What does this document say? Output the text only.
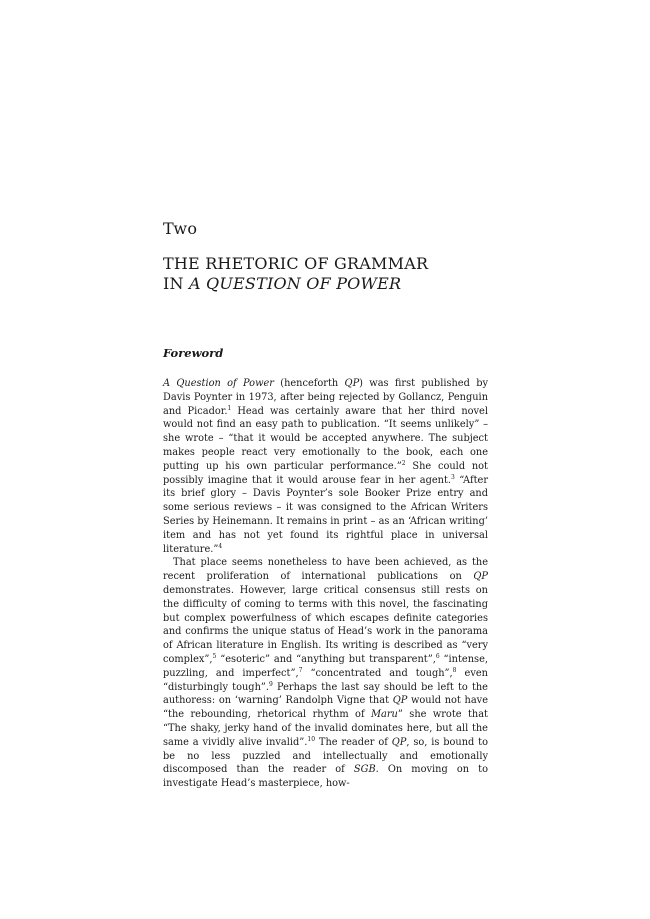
Two
THE RHETORIC OF GRAMMAR
IN A QUESTION OF POWER
Foreword

A Question of Power (henceforth QP) was first published by Davis Poynter in 1973, after being rejected by Gollancz, Penguin and Picador.$^1$ Head was certainly aware that her third novel would not find an easy path to publication. “It seems unlikely” – she wrote – “that it would be accepted anywhere. The subject makes people react very emotionally to the book, each one putting up his own particular performance.”$^2$ She could not possibly imagine that it would arouse fear in her agent.$^3$ “After its brief glory – Davis Poynter’s sole Booker Prize entry and some serious reviews – it was consigned to the African Writers Series by Heinemann. It remains in print – as an ‘African writing’ item and has not yet found its rightful place in universal literature.”$^4$

That place seems nonetheless to have been achieved, as the recent proliferation of international publications on QP demonstrates. However, large critical consensus still rests on the difficulty of coming to terms with this novel, the fascinating but complex powerfulness of which escapes definite categories and confirms the unique status of Head’s work in the panorama of African literature in English. Its writing is described as “very complex”,$^5$ “esoteric” and “anything but transparent”,$^6$ “intense, puzzling, and imperfect”,$^7$ “concentrated and tough”,$^8$ even “disturbingly tough”.$^9$ Perhaps the last say should be left to the authoress: on ‘warning’ Randolph Vigne that QP would not have “the rebounding, rhetorical rhythm of Maru” she wrote that “The shaky, jerky hand of the invalid dominates here, but all the same a vividly alive invalid”.$^{10}$ The reader of QP, so, is bound to be no less puzzled and intellectually and emotionally discomposed than the reader of SGB. On moving on to investigate Head’s masterpiece, how-
